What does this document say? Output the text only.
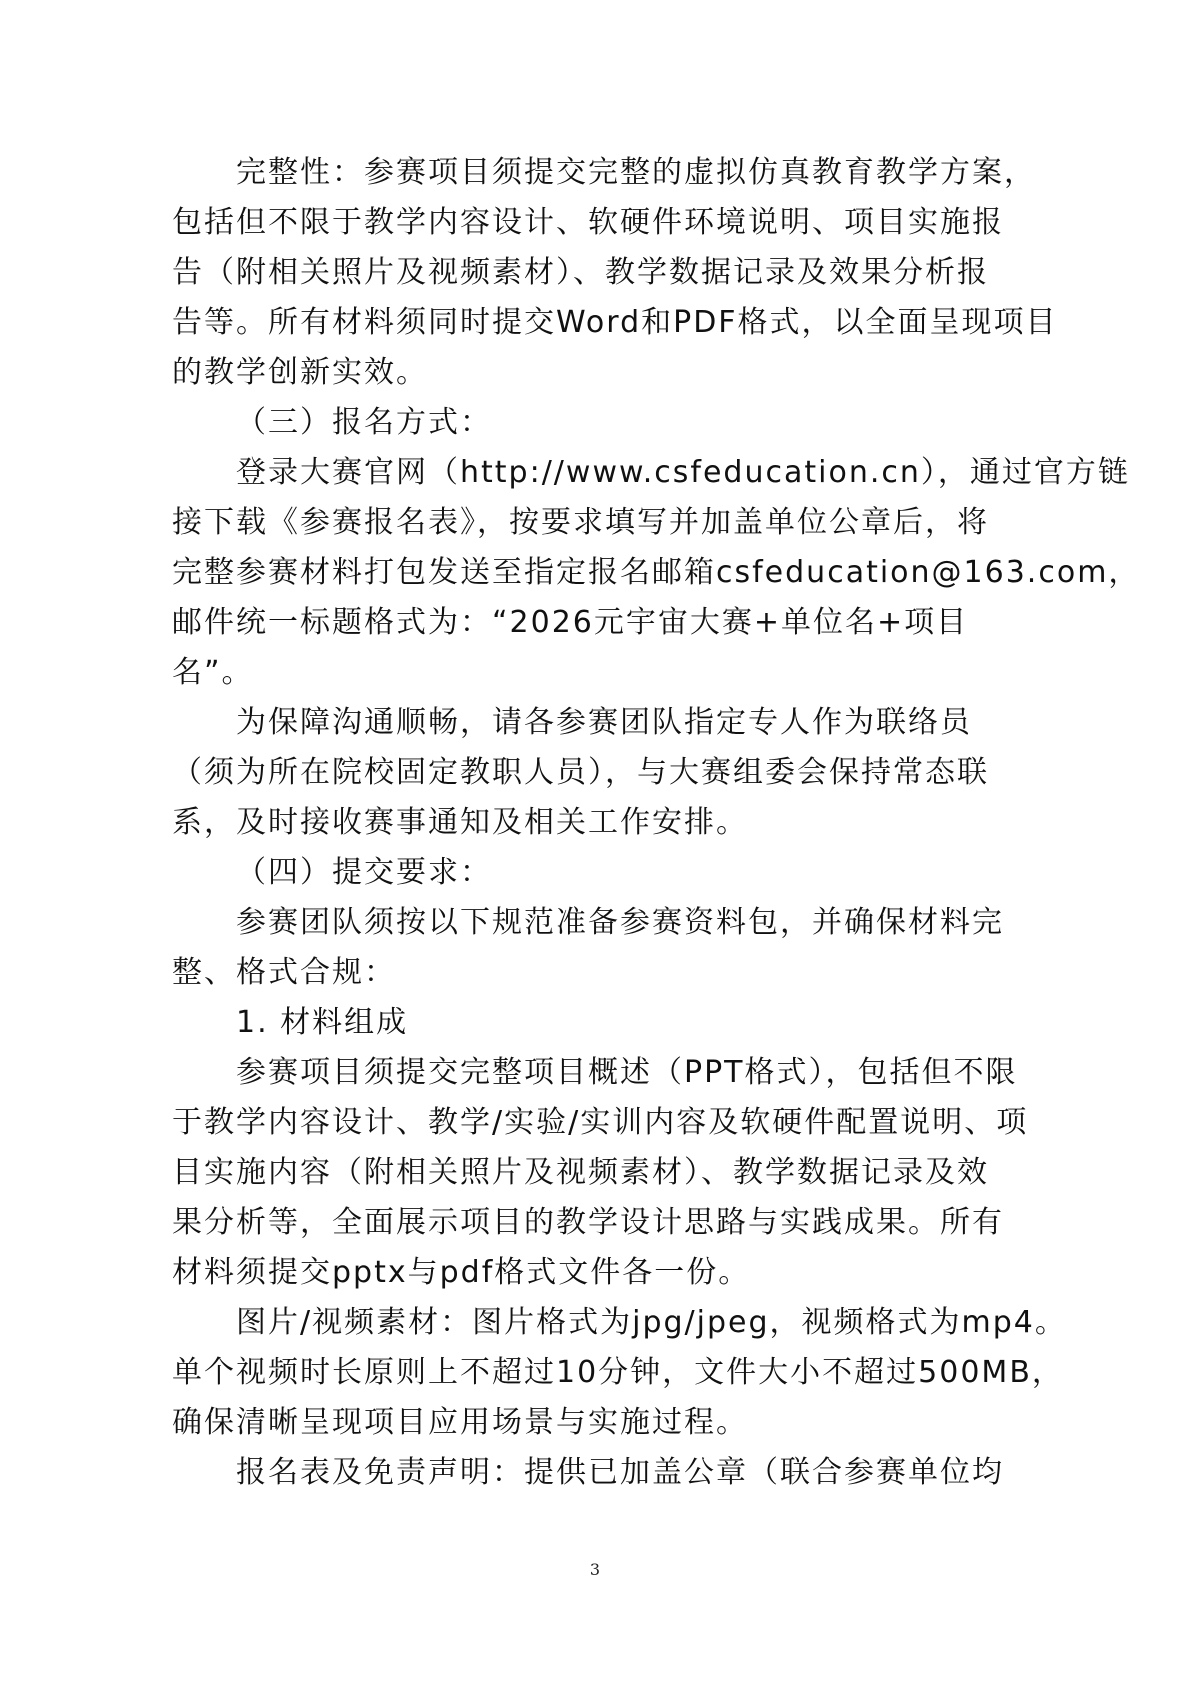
完整性：参赛项目须提交完整的虚拟仿真教育教学方案，
包括但不限于教学内容设计、软硬件环境说明、项目实施报
告（附相关照片及视频素材）、教学数据记录及效果分析报
告等。所有材料须同时提交Word和PDF格式，以全面呈现项目
的教学创新实效。
（三）报名方式：
登录大赛官网（http://www.csfeducation.cn），通过官方链
接下载《参赛报名表》，按要求填写并加盖单位公章后，将
完整参赛材料打包发送至指定报名邮箱csfeducation@163.com，
邮件统一标题格式为：“2026元宇宙大赛+单位名+项目
名”。
为保障沟通顺畅，请各参赛团队指定专人作为联络员
（须为所在院校固定教职人员），与大赛组委会保持常态联
系，及时接收赛事通知及相关工作安排。
（四）提交要求：
参赛团队须按以下规范准备参赛资料包，并确保材料完
整、格式合规：
1. 材料组成
参赛项目须提交完整项目概述（PPT格式），包括但不限
于教学内容设计、教学/实验/实训内容及软硬件配置说明、项
目实施内容（附相关照片及视频素材）、教学数据记录及效
果分析等，全面展示项目的教学设计思路与实践成果。所有
材料须提交pptx与pdf格式文件各一份。
图片/视频素材：图片格式为jpg/jpeg，视频格式为mp4。
单个视频时长原则上不超过10分钟，文件大小不超过500MB，
确保清晰呈现项目应用场景与实施过程。
报名表及免责声明：提供已加盖公章（联合参赛单位均
3
